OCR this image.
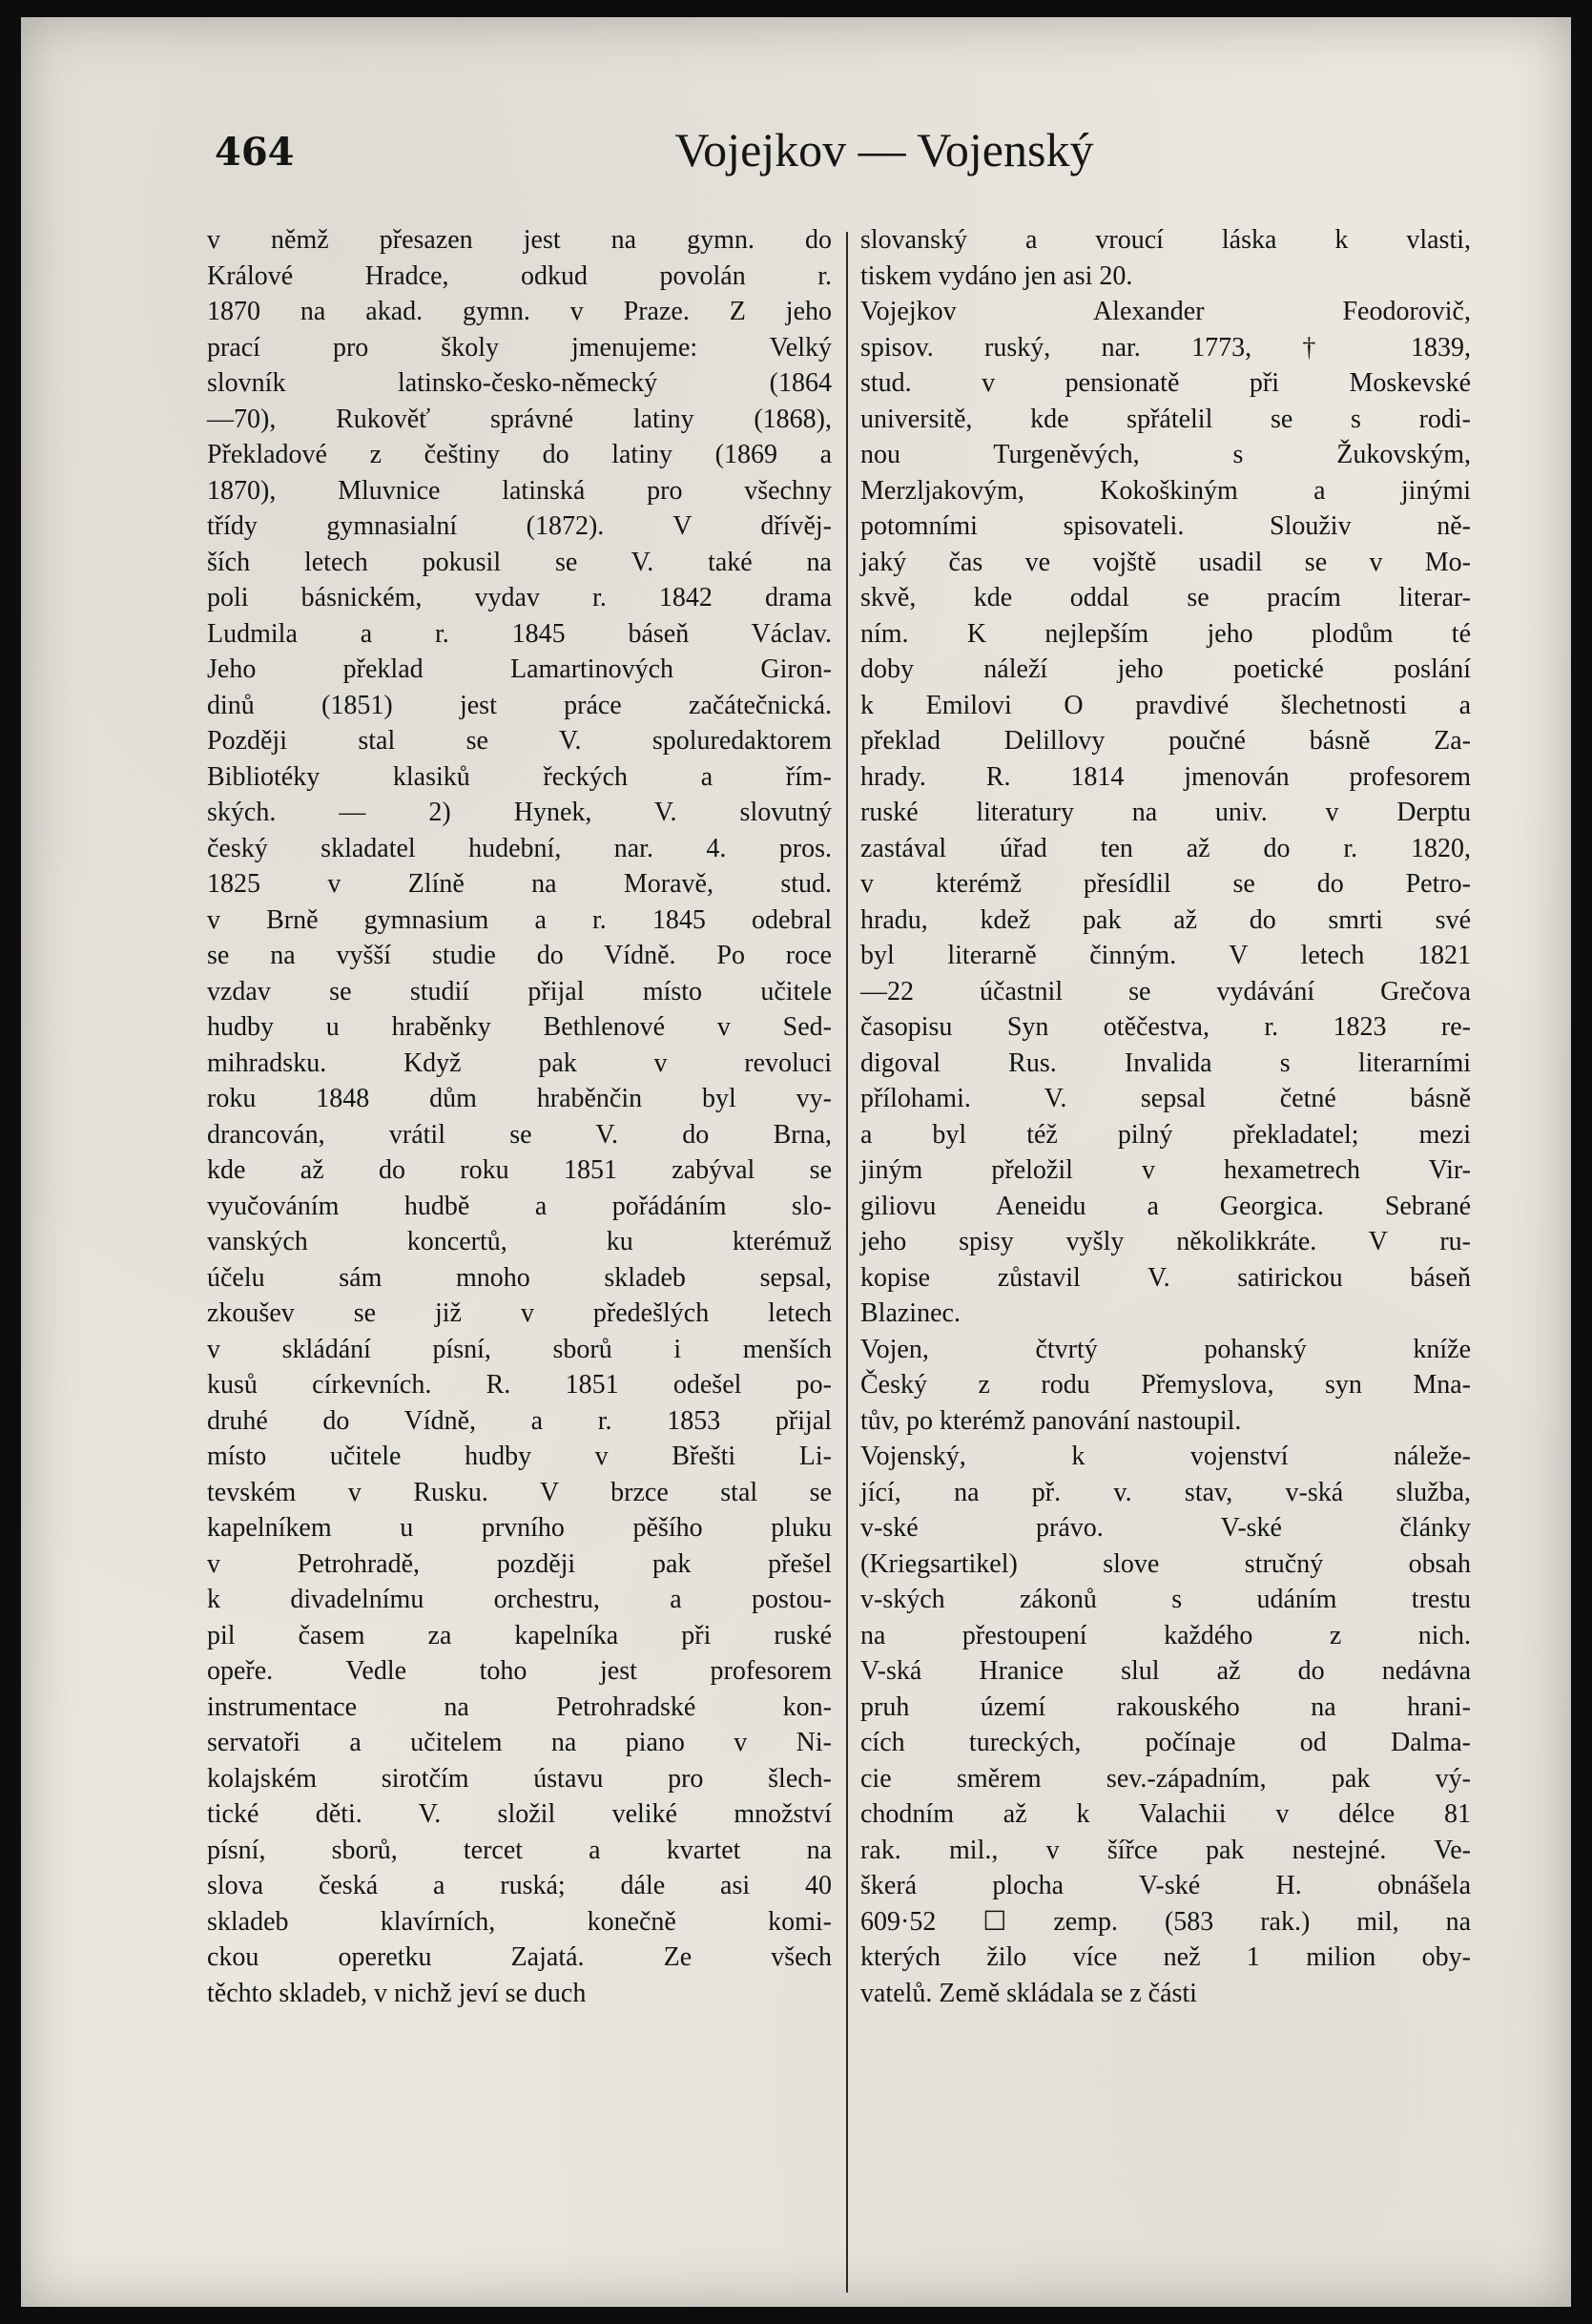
464	Vojejkov — Vojenský

v němž přesazen jest na gymn. do

Králové Hradce, odkud povolán r.

1870 na akad. gymn. v Praze. Z jeho

prací pro školy jmenujeme: Velký

slovník latinsko-česko-německý (1864

—70), Rukověť správné latiny (1868),

Překladové z češtiny do latiny (1869 a

1870), Mluvnice latinská pro všechny

třídy gymnasialní (1872). V dřívěj-

ších letech pokusil se V. také na

poli básnickém, vydav r. 1842 drama

Ludmila a r. 1845 báseň Václav.

Jeho překlad Lamartinových Giron-

dinů (1851) jest práce začátečnická.

Později stal se V. spoluredaktorem

Bibliotéky klasiků řeckých a řím-

ských. — 2) Hynek, V. slovutný

český skladatel hudební, nar. 4. pros.

1825 v Zlíně na Moravě, stud.

v Brně gymnasium a r. 1845 odebral

se na vyšší studie do Vídně. Po roce

vzdav se studií přijal místo učitele

hudby u hraběnky Bethlenové v Sed-

mihradsku. Když pak v revoluci

roku 1848 dům hraběnčin byl vy-

drancován, vrátil se V. do Brna,

kde až do roku 1851 zabýval se

vyučováním hudbě a pořádáním slo-

vanských koncertů, ku kterémuž

účelu sám mnoho skladeb sepsal,

zkoušev se již v předešlých letech

v skládání písní, sborů i menších

kusů církevních. R. 1851 odešel po-

druhé do Vídně, a r. 1853 přijal

místo učitele hudby v Břešti Li-

tevském v Rusku. V brzce stal se

kapelníkem u prvního pěšího pluku

v Petrohradě, později pak přešel

k divadelnímu orchestru, a postou-

pil časem za kapelníka při ruské

opeře. Vedle toho jest profesorem

instrumentace na Petrohradské kon-

servatoři a učitelem na piano v Ni-

kolajském sirotčím ústavu pro šlech-

tické děti. V. složil veliké množství

písní, sborů, tercet a kvartet na

slova česká a ruská; dále asi 40

skladeb klavírních, konečně komi-

ckou operetku Zajatá. Ze všech

těchto skladeb, v nichž jeví se duch

slovanský a vroucí láska k vlasti,

tiskem vydáno jen asi 20.

Vojejkov Alexander Feodorovič,

spisov. ruský, nar. 1773, † 1839,

stud. v pensionatě při Moskevské

universitě, kde spřátelil se s rodi-

nou Turgeněvých, s Žukovským,

Merzljakovým, Kokoškiným a jinými

potomními spisovateli. Slouživ ně-

jaký čas ve vojště usadil se v Mo-

skvě, kde oddal se pracím literar-

ním. K nejlepším jeho plodům té

doby náleží jeho poetické poslání

k Emilovi O pravdivé šlechetnosti a

překlad Delillovy poučné básně Za-

hrady. R. 1814 jmenován profesorem

ruské literatury na univ. v Derptu

zastával úřad ten až do r. 1820,

v kterémž přesídlil se do Petro-

hradu, kdež pak až do smrti své

byl literarně činným. V letech 1821

—22 účastnil se vydávání Grečova

časopisu Syn otěčestva, r. 1823 re-

digoval Rus. Invalida s literarními

přílohami. V. sepsal četné básně

a byl též pilný překladatel; mezi

jiným přeložil v hexametrech Vir-

giliovu Aeneidu a Georgica. Sebrané

jeho spisy vyšly několikkráte. V ru-

kopise zůstavil V. satirickou báseň

Blazinec.

Vojen, čtvrtý pohanský kníže

Český z rodu Přemyslova, syn Mna-

tův, po kterémž panování nastoupil.

Vojenský, k vojenství náleže-

jící, na př. v. stav, v-ská služba,

v-ské právo. V-ské články

(Kriegsartikel) slove stručný obsah

v-ských zákonů s udáním trestu

na přestoupení každého z nich.

V-ská Hranice slul až do nedávna

pruh území rakouského na hrani-

cích tureckých, počínaje od Dalma-

cie směrem sev.-západním, pak vý-

chodním až k Valachii v délce 81

rak. mil., v šířce pak nestejné. Ve-

škerá plocha V-ské H. obnášela

609·52 ☐ zemp. (583 rak.) mil, na

kterých žilo více než 1 milion oby-

vatelů. Země skládala se z části
